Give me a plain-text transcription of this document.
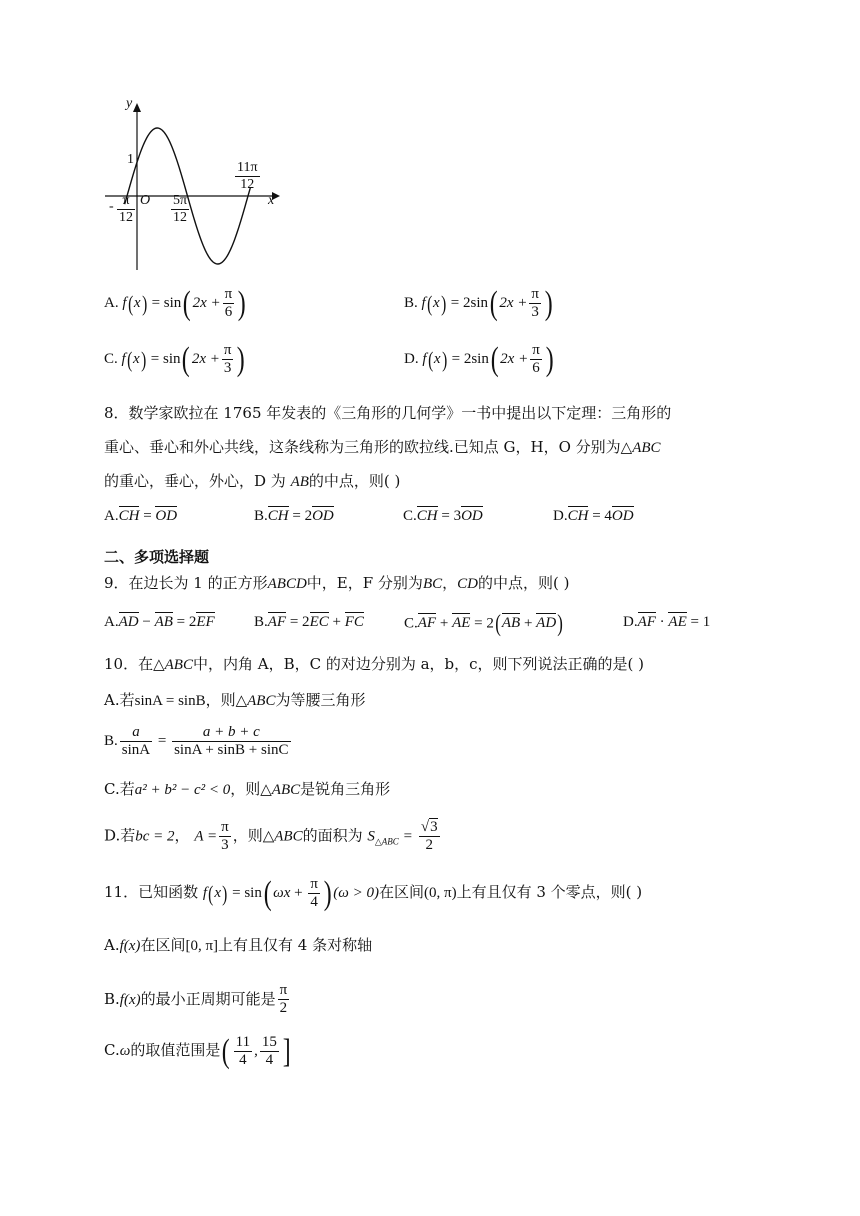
y
x
O
1
- $\frac{\pi}{12}$	$\frac{5\pi}{12}$
$\frac{11\pi}{12}$
A. f(x) = sin( $2x + \frac{\pi}{6}$ )	B. f(x) = 2sin( $2x + \frac{\pi}{3}$ )
C. f(x) = sin( $2x + \frac{\pi}{3}$ )	D. f(x) = 2sin( $2x + \frac{\pi}{6}$ )
8．数学家欧拉在 1765 年发表的《三角形的几何学》一书中提出以下定理：三角形的
重心、垂心和外心共线，这条线称为三角形的欧拉线.已知点 G，H，O 分别为△ABC
的重心，垂心，外心，D 为 AB的中点，则( )
A.CH = OD	B.CH = 2OD	C.CH = 3OD	D.CH = 4OD
二、多项选择题
9．在边长为 1 的正方形ABCD中，E，F 分别为BC，CD的中点，则( )
A.AD − AB = 2EF	B.AF = 2EC + FC	C.AF + AE = 2(AB + AD)	D.AF · AE = 1
10．在△ABC中，内角 A，B，C 的对边分别为 a，b，c，则下列说法正确的是( )
A.若sinA = sinB，则△ABC为等腰三角形
B. $\frac{a}{\sin A} = \frac{a + b + c}{\sin A + \sin B + \sin C}$
C.若a² + b² − c² < 0，则△ABC是锐角三角形
D.若bc = 2， $A = \frac{\pi}{3}$ ，则△ABC的面积为 $S_{\triangle ABC} = \frac{√3}{2}$
11．已知函数 f(x) = sin( $\omega x + \frac{\pi}{4}$ ) (ω > 0)在区间(0, π)上有且仅有 3 个零点，则( )
A.f(x)在区间[0, π]上有且仅有 4 条对称轴
B.f(x)的最小正周期可能是 $\frac{\pi}{2}$
C.ω的取值范围是( $\frac{11}{4}$ , $\frac{15}{4}$ ]
